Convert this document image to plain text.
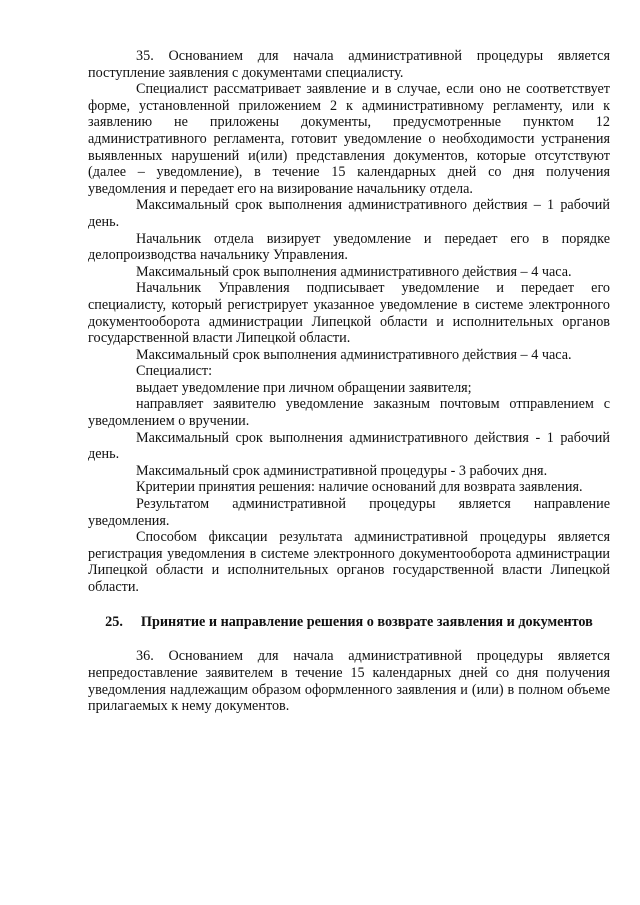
35. Основанием для начала административной процедуры является поступление заявления с документами специалисту.

Специалист рассматривает заявление и в случае, если оно не соответствует форме, установленной приложением 2 к административному регламенту, или к заявлению не приложены документы, предусмотренные пунктом 12 административного регламента, готовит уведомление о необходимости устранения выявленных нарушений и(или) представления документов, которые отсутствуют (далее – уведомление), в течение 15 календарных дней со дня получения уведомления и передает его на визирование начальнику отдела.

Максимальный срок выполнения административного действия – 1 рабочий день.

Начальник отдела визирует уведомление и передает его в порядке делопроизводства начальнику Управления.

Максимальный срок выполнения административного действия – 4 часа.

Начальник Управления подписывает уведомление и передает его специалисту, который регистрирует указанное уведомление в системе электронного документооборота администрации Липецкой области и исполнительных органов государственной власти Липецкой области.

Максимальный срок выполнения административного действия – 4 часа.

Специалист:

выдает уведомление при личном обращении заявителя;

направляет заявителю уведомление заказным почтовым отправлением с уведомлением о вручении.

Максимальный срок выполнения административного действия - 1 рабочий день.

Максимальный срок административной процедуры - 3 рабочих дня.

Критерии принятия решения: наличие оснований для возврата заявления.

Результатом административной процедуры является направление уведомления.

Способом фиксации результата административной процедуры является регистрация уведомления в системе электронного документооборота администрации Липецкой области и исполнительных органов государственной власти Липецкой области.

25. Принятие и направление решения о возврате заявления и документов

36. Основанием для начала административной процедуры является непредоставление заявителем в течение 15 календарных дней со дня получения уведомления надлежащим образом оформленного заявления и (или) в полном объеме прилагаемых к нему документов.
